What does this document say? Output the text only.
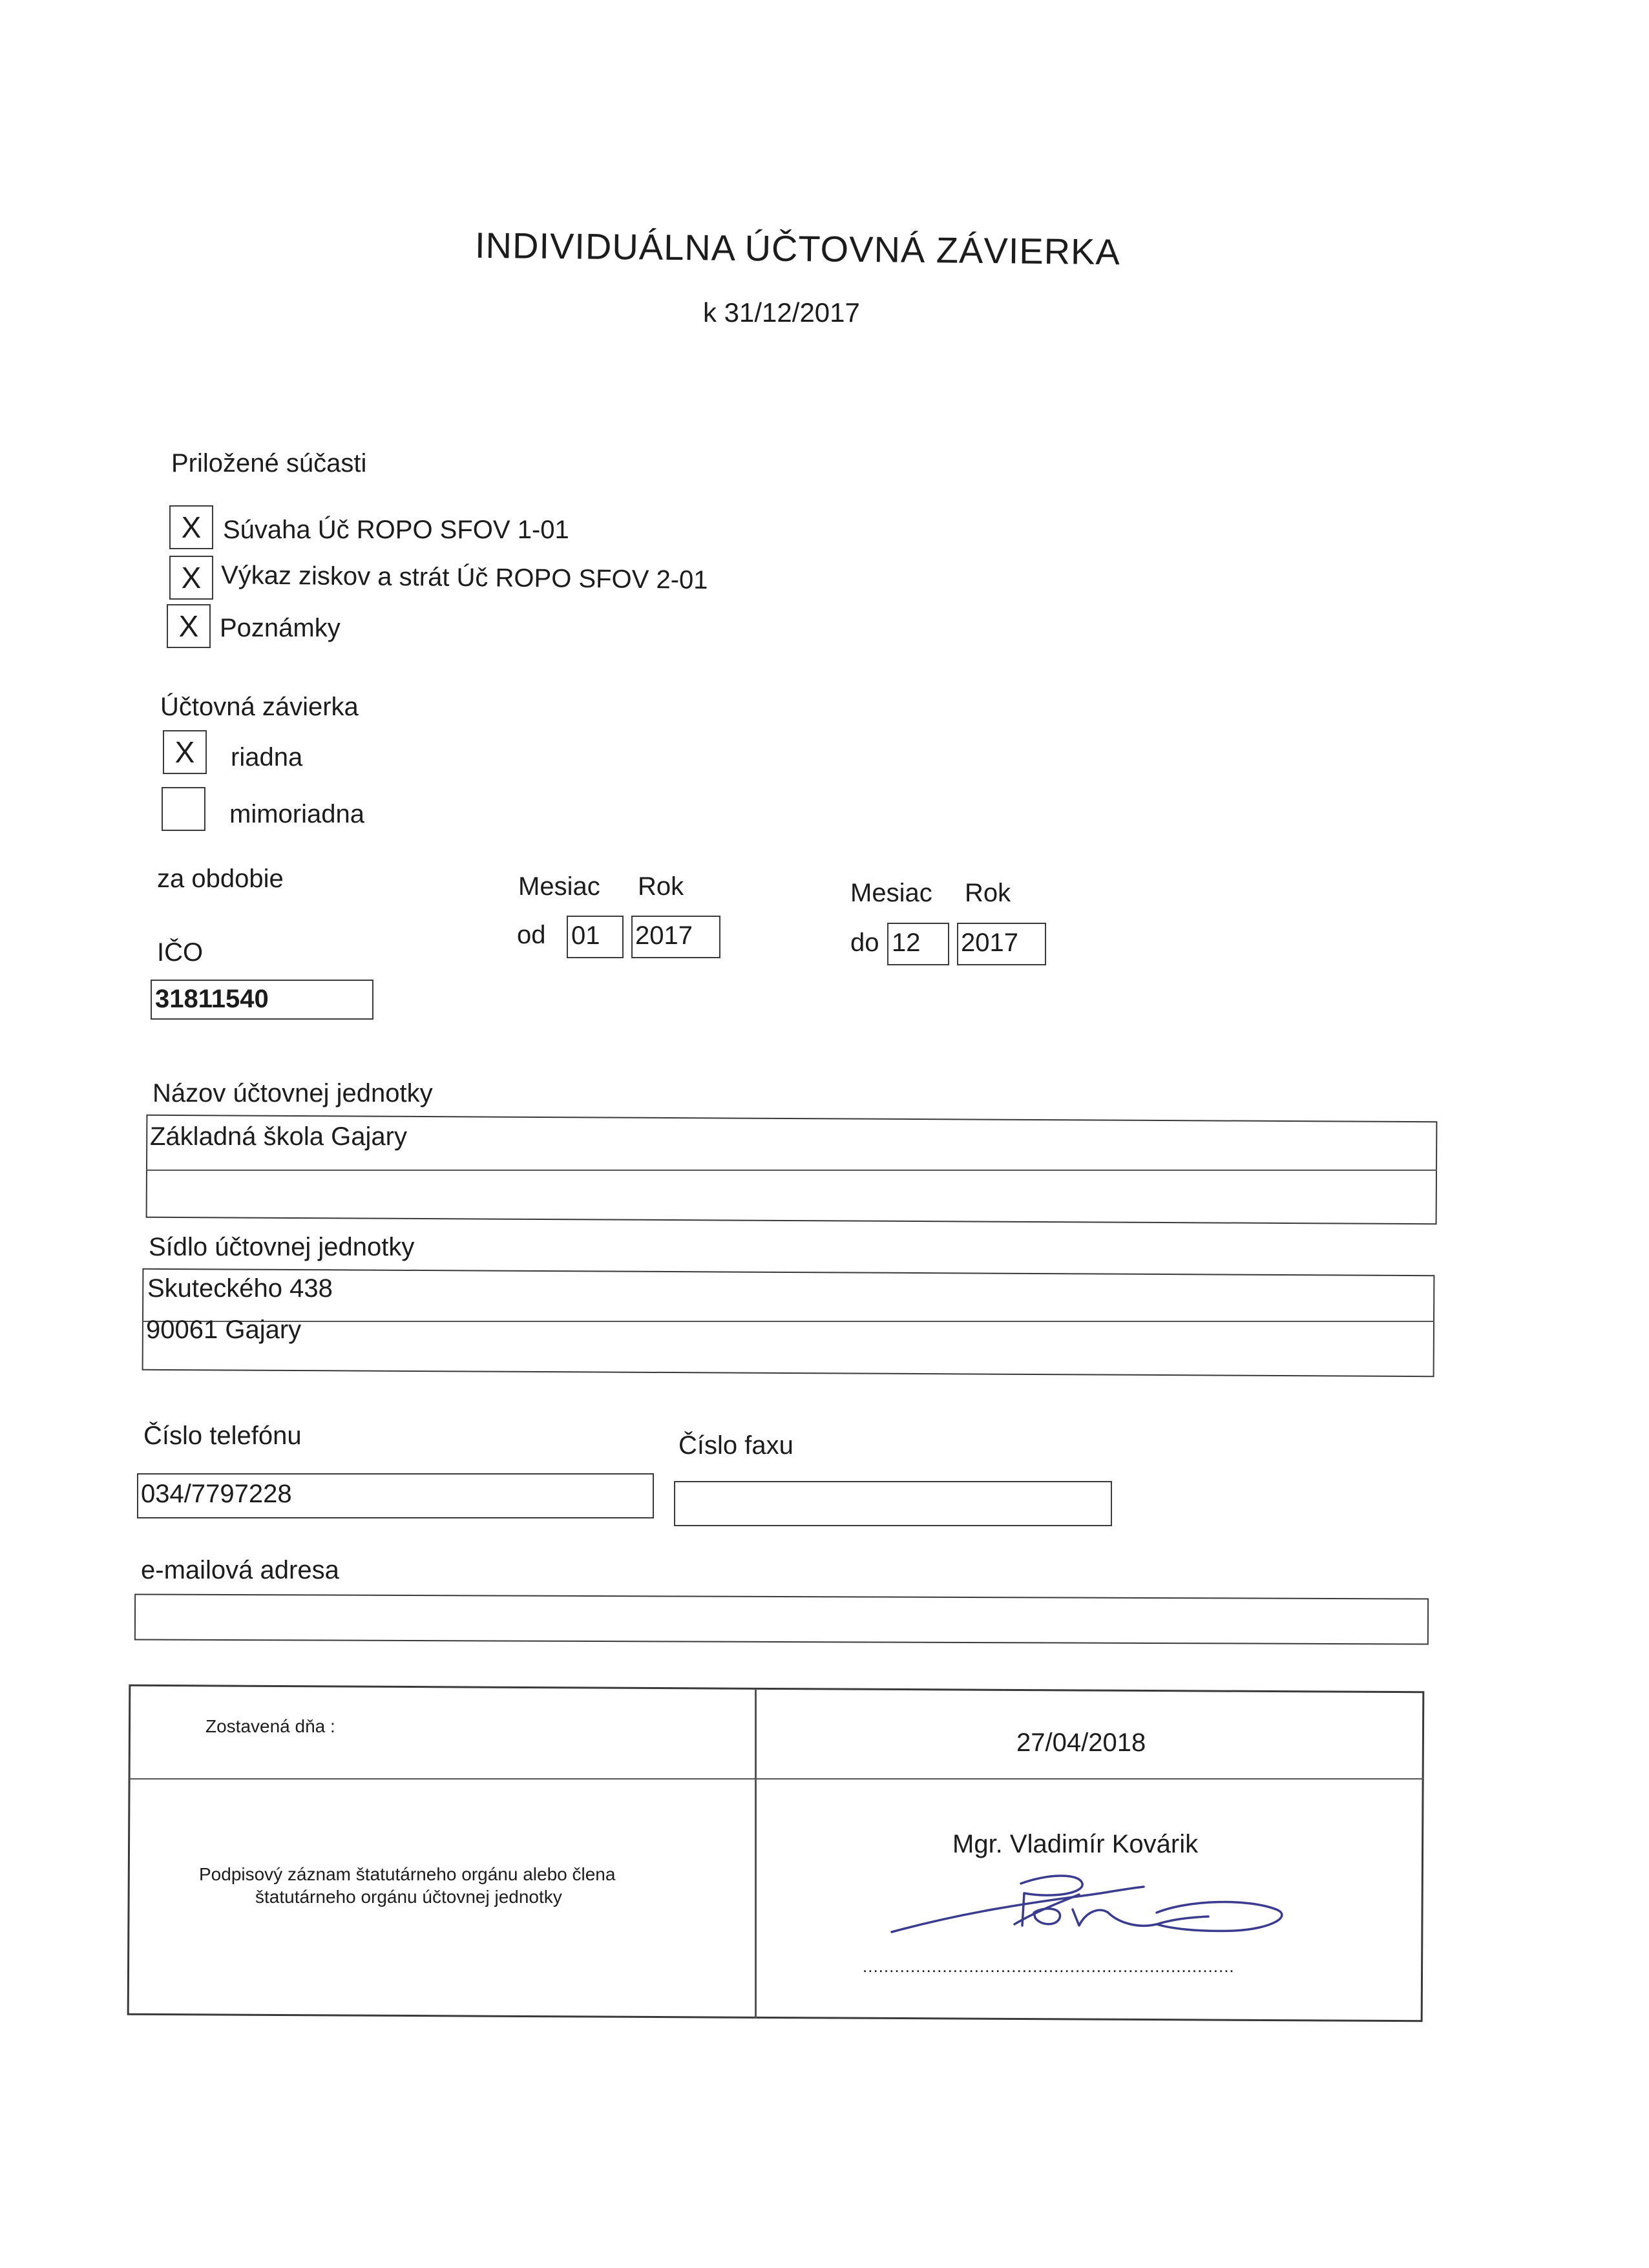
INDIVIDUÁLNA ÚČTOVNÁ ZÁVIERKA
k 31/12/2017
Priložené súčasti
X Súvaha Úč ROPO SFOV 1-01
X Výkaz ziskov a strát Úč ROPO SFOV 2-01
X Poznámky
Účtovná závierka
X	riadna
mimoriadna
za obdobie	Mesiac Rok
od 01 2017
Mesiac Rok
do 12 2017
IČO
31811540
Názov účtovnej jednotky
Základná škola Gajary
Sídlo účtovnej jednotky
Skuteckého 438
90061 Gajary
Číslo telefónu
034/7797228
Číslo faxu
e-mailová adresa
Zostavená dňa :
27/04/2018
Podpisový záznam štatutárneho orgánu alebo člena
štatutárneho orgánu účtovnej jednotky
Mgr. Vladimír Kovárik
......................................................................
